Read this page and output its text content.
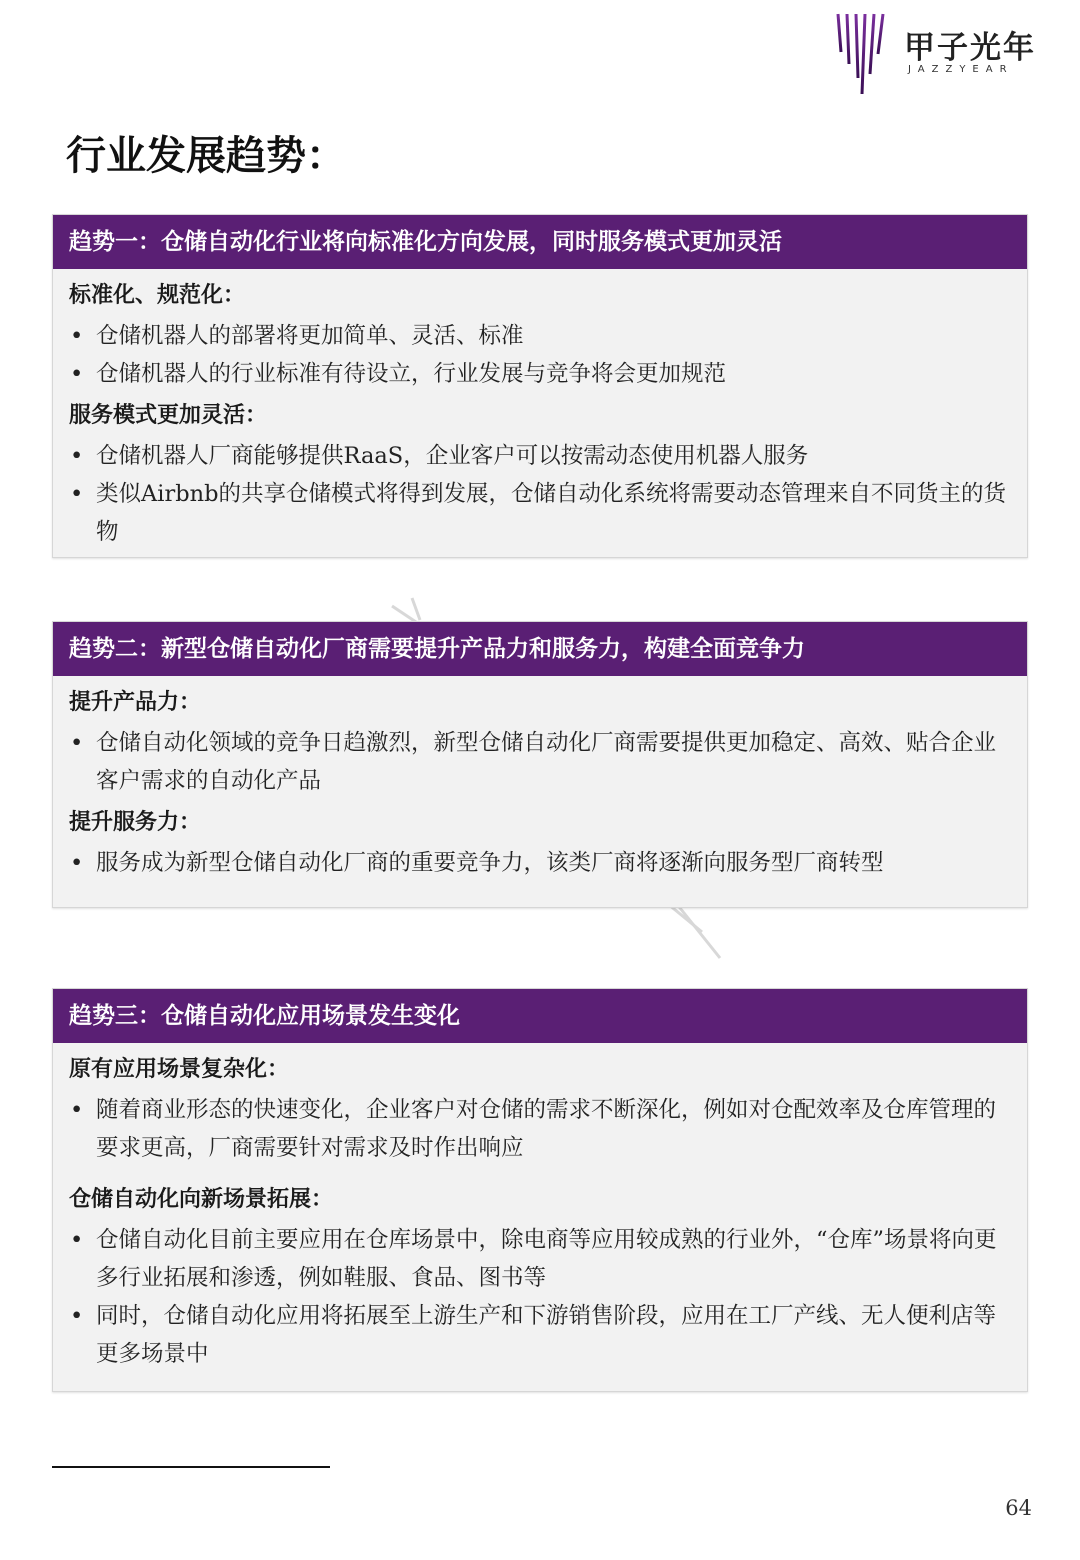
甲子光年
JAZZYEAR
行业发展趋势：
趋势一：仓储自动化行业将向标准化方向发展，同时服务模式更加灵活
标准化、规范化：
• 仓储机器人的部署将更加简单、灵活、标准
• 仓储机器人的行业标准有待设立，行业发展与竞争将会更加规范
服务模式更加灵活：
• 仓储机器人厂商能够提供RaaS，企业客户可以按需动态使用机器人服务
• 类似Airbnb的共享仓储模式将得到发展，仓储自动化系统将需要动态管理来自不同货主的货物
趋势二：新型仓储自动化厂商需要提升产品力和服务力，构建全面竞争力
提升产品力：
• 仓储自动化领域的竞争日趋激烈，新型仓储自动化厂商需要提供更加稳定、高效、贴合企业客户需求的自动化产品
提升服务力：
• 服务成为新型仓储自动化厂商的重要竞争力，该类厂商将逐渐向服务型厂商转型
趋势三：仓储自动化应用场景发生变化
原有应用场景复杂化：
• 随着商业形态的快速变化，企业客户对仓储的需求不断深化，例如对仓配效率及仓库管理的要求更高，厂商需要针对需求及时作出响应
仓储自动化向新场景拓展：
• 仓储自动化目前主要应用在仓库场景中，除电商等应用较成熟的行业外，“仓库”场景将向更多行业拓展和渗透，例如鞋服、食品、图书等
• 同时，仓储自动化应用将拓展至上游生产和下游销售阶段，应用在工厂产线、无人便利店等更多场景中
64
